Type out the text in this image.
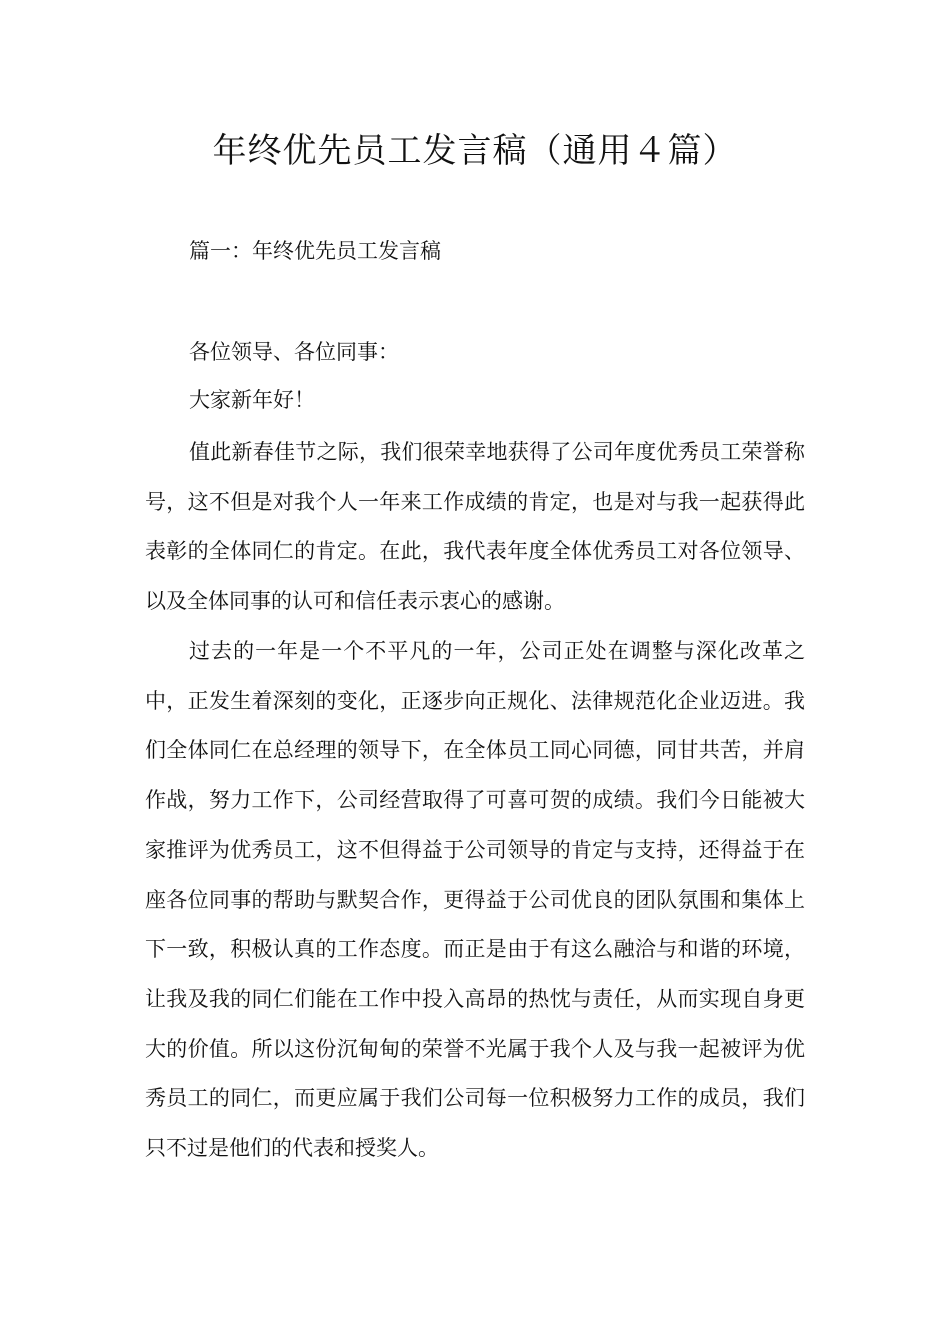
年终优先员工发言稿（通用４篇）
篇一：年终优先员工发言稿
各位领导、各位同事：
大家新年好！

值此新春佳节之际，我们很荣幸地获得了公司年度优秀员工荣誉称号，这不但是对我个人一年来工作成绩的肯定，也是对与我一起获得此表彰的全体同仁的肯定。在此，我代表年度全体优秀员工对各位领导、以及全体同事的认可和信任表示衷心的感谢。

过去的一年是一个不平凡的一年，公司正处在调整与深化改革之中，正发生着深刻的变化，正逐步向正规化、法律规范化企业迈进。我们全体同仁在总经理的领导下，在全体员工同心同德，同甘共苦，并肩作战，努力工作下，公司经营取得了可喜可贺的成绩。我们今日能被大家推评为优秀员工，这不但得益于公司领导的肯定与支持，还得益于在座各位同事的帮助与默契合作，更得益于公司优良的团队氛围和集体上下一致，积极认真的工作态度。而正是由于有这么融洽与和谐的环境，让我及我的同仁们能在工作中投入高昂的热忱与责任，从而实现自身更大的价值。所以这份沉甸甸的荣誉不光属于我个人及与我一起被评为优秀员工的同仁，而更应属于我们公司每一位积极努力工作的成员，我们只不过是他们的代表和授奖人。
